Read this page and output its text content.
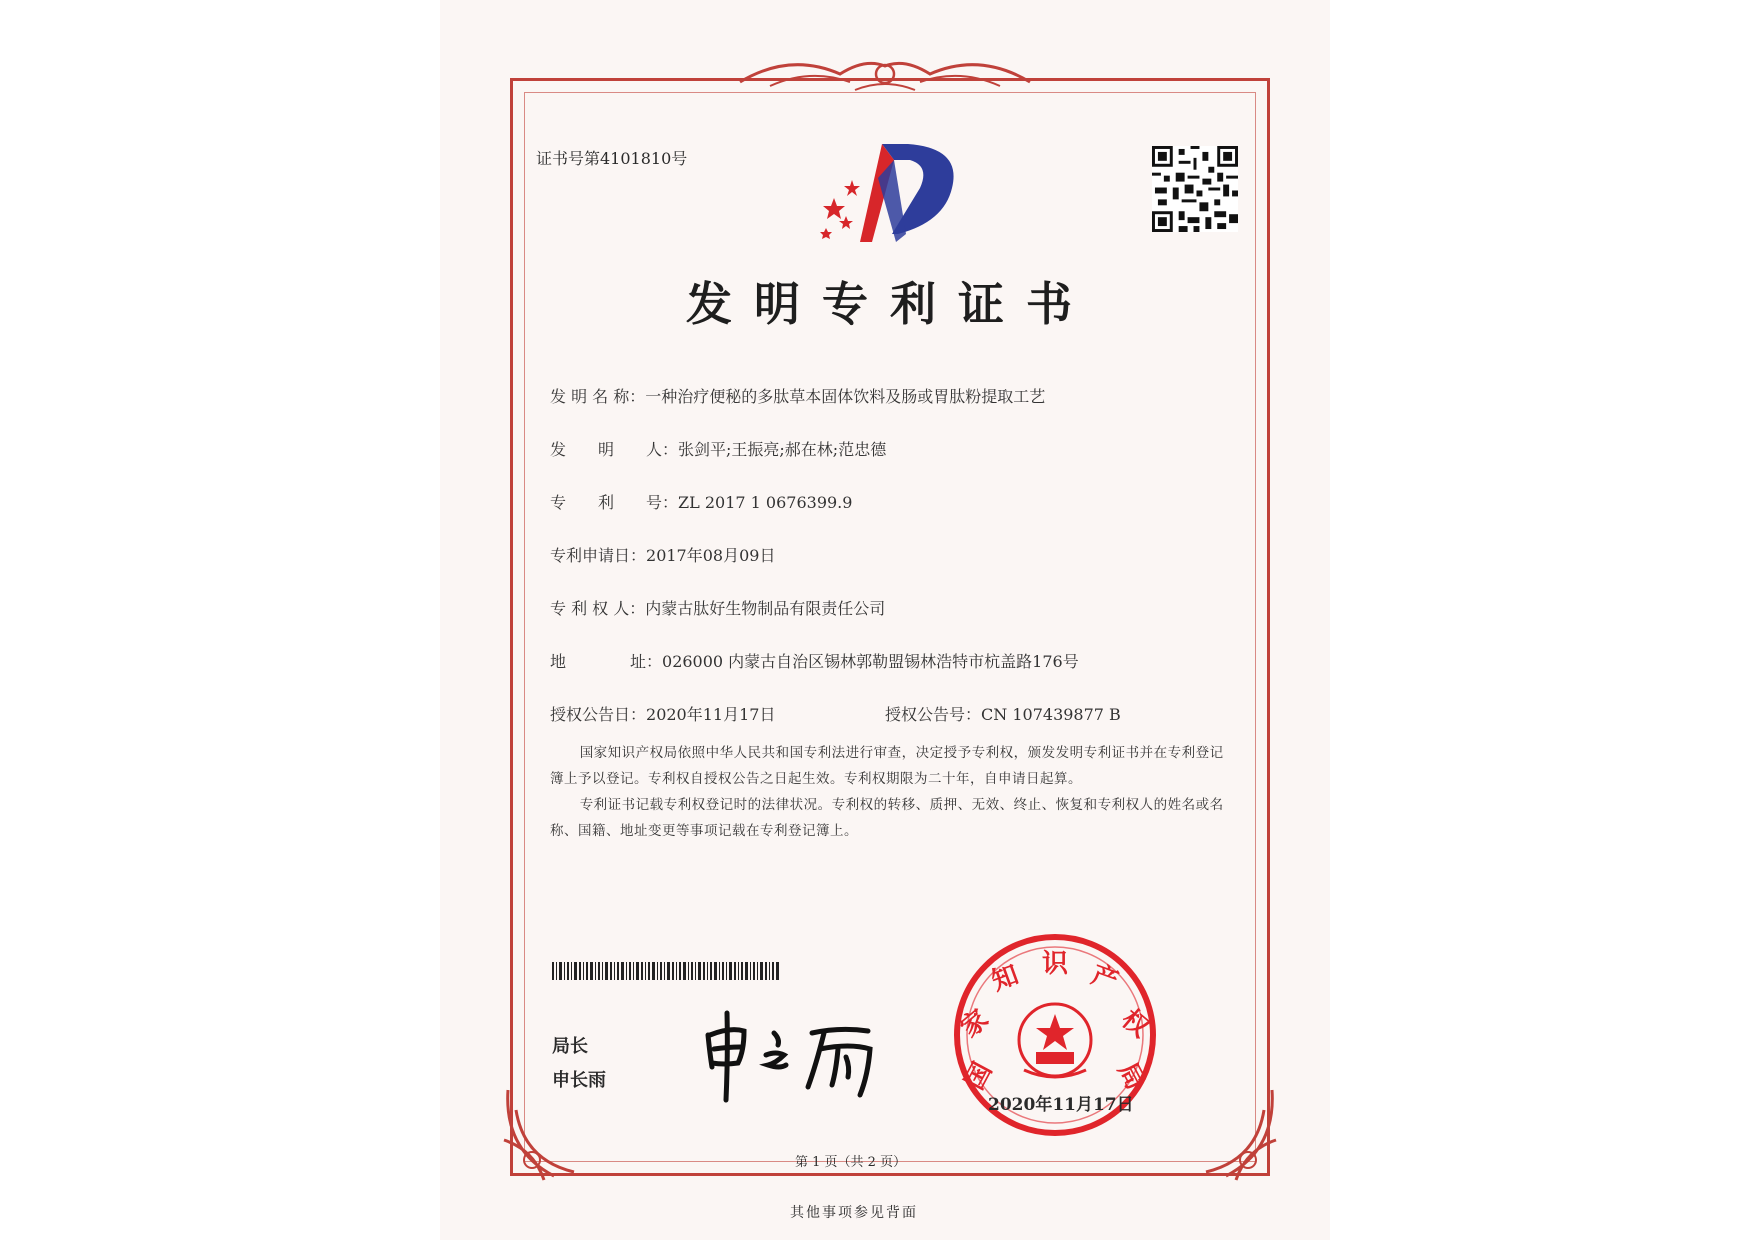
证书号第4101810号
发明专利证书
发 明 名 称：一种治疗便秘的多肽草本固体饮料及肠或胃肽粉提取工艺
发　　明　　人：张剑平;王振亮;郝在林;范忠德
专　　利　　号：ZL 2017 1 0676399.9
专利申请日：2017年08月09日
专 利 权 人：内蒙古肽好生物制品有限责任公司
地　　　　址：026000 内蒙古自治区锡林郭勒盟锡林浩特市杭盖路176号
授权公告日：2020年11月17日	授权公告号：CN 107439877 B

国家知识产权局依照中华人民共和国专利法进行审查，决定授予专利权，颁发发明专利证书并在专利登记簿上予以登记。专利权自授权公告之日起生效。专利权期限为二十年，自申请日起算。

专利证书记载专利权登记时的法律状况。专利权的转移、质押、无效、终止、恢复和专利权人的姓名或名称、国籍、地址变更等事项记载在专利登记簿上。

局长
申长雨	国
家
知 识 产
权
局
2020年11月17日
第 1 页（共 2 页）
其他事项参见背面
